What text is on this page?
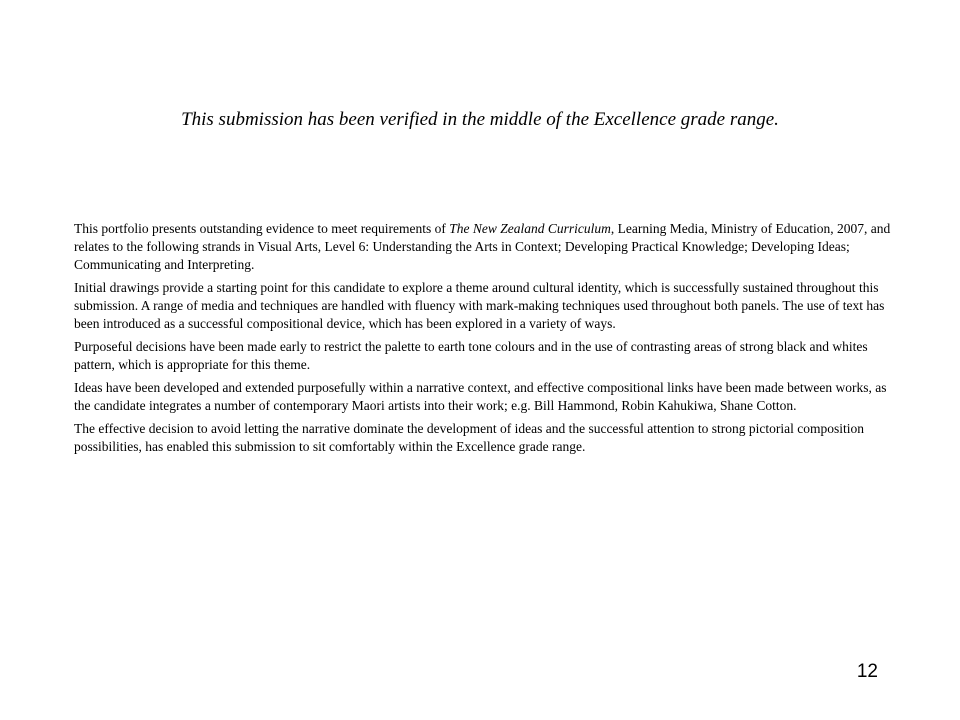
This submission has been verified in the middle of the Excellence grade range.

This portfolio presents outstanding evidence to meet requirements of The New Zealand Curriculum, Learning Media, Ministry of Education, 2007, and relates to the following strands in Visual Arts, Level 6: Understanding the Arts in Context; Developing Practical Knowledge; Developing Ideas; Communicating and Interpreting.

Initial drawings provide a starting point for this candidate to explore a theme around cultural identity, which is successfully sustained throughout this submission. A range of media and techniques are handled with fluency with mark-making techniques used throughout both panels. The use of text has been introduced as a successful compositional device, which has been explored in a variety of ways.

Purposeful decisions have been made early to restrict the palette to earth tone colours and in the use of contrasting areas of strong black and whites pattern, which is appropriate for this theme.

Ideas have been developed and extended purposefully within a narrative context, and effective compositional links have been made between works, as the candidate integrates a number of contemporary Maori artists into their work; e.g. Bill Hammond, Robin Kahukiwa, Shane Cotton.

The effective decision to avoid letting the narrative dominate the development of ideas and the successful attention to strong pictorial composition possibilities, has enabled this submission to sit comfortably within the Excellence grade range.

12
